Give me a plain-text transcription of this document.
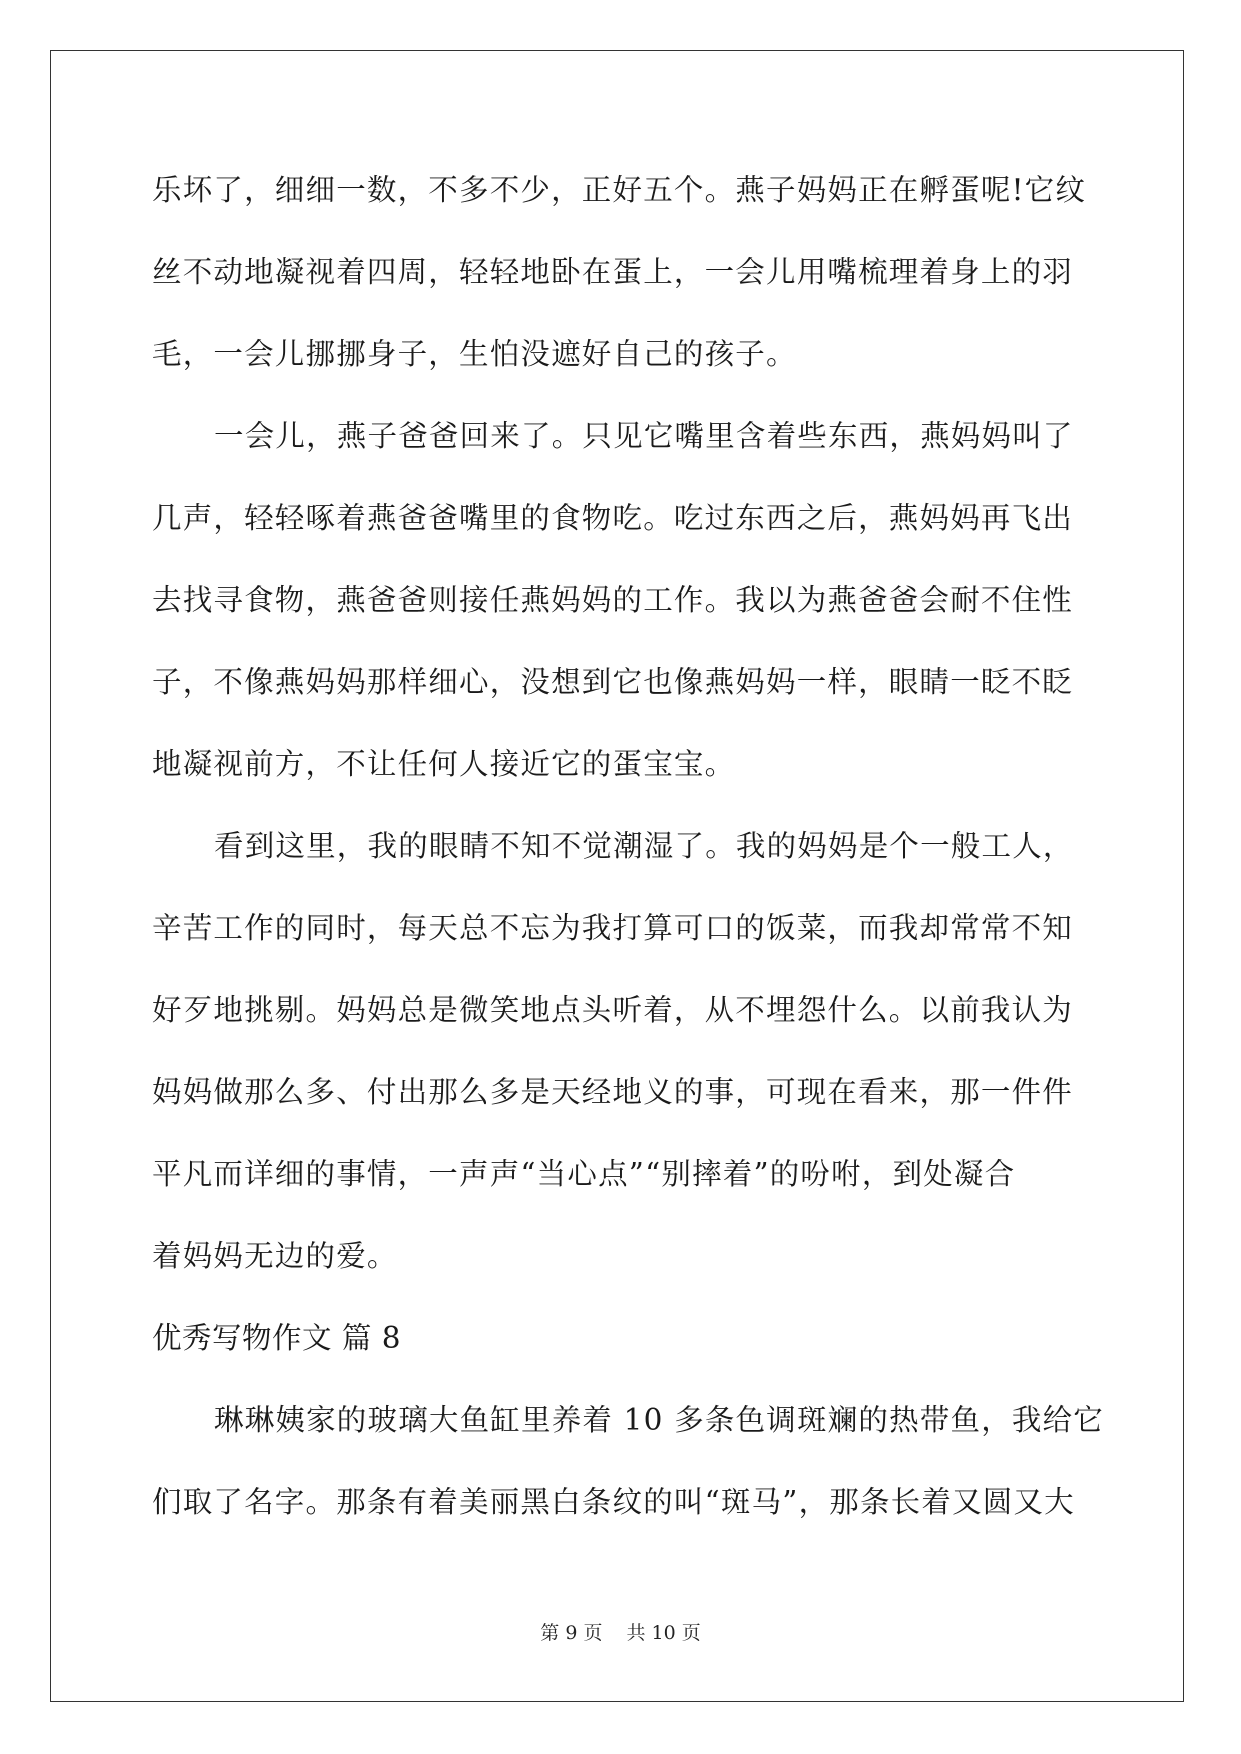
乐坏了，细细一数，不多不少，正好五个。燕子妈妈正在孵蛋呢!它纹
丝不动地凝视着四周，轻轻地卧在蛋上，一会儿用嘴梳理着身上的羽
毛，一会儿挪挪身子，生怕没遮好自己的孩子。
一会儿，燕子爸爸回来了。只见它嘴里含着些东西，燕妈妈叫了
几声，轻轻啄着燕爸爸嘴里的食物吃。吃过东西之后，燕妈妈再飞出
去找寻食物，燕爸爸则接任燕妈妈的工作。我以为燕爸爸会耐不住性
子，不像燕妈妈那样细心，没想到它也像燕妈妈一样，眼睛一眨不眨
地凝视前方，不让任何人接近它的蛋宝宝。
看到这里，我的眼睛不知不觉潮湿了。我的妈妈是个一般工人，
辛苦工作的同时，每天总不忘为我打算可口的饭菜，而我却常常不知
好歹地挑剔。妈妈总是微笑地点头听着，从不埋怨什么。以前我认为
妈妈做那么多、付出那么多是天经地义的事，可现在看来，那一件件
平凡而详细的事情，一声声“当心点”“别摔着”的吩咐，到处凝合
着妈妈无边的爱。
优秀写物作文 篇 8
琳琳姨家的玻璃大鱼缸里养着 10 多条色调斑斓的热带鱼，我给它
们取了名字。那条有着美丽黑白条纹的叫“斑马”，那条长着又圆又大
第 9 页 共 10 页
